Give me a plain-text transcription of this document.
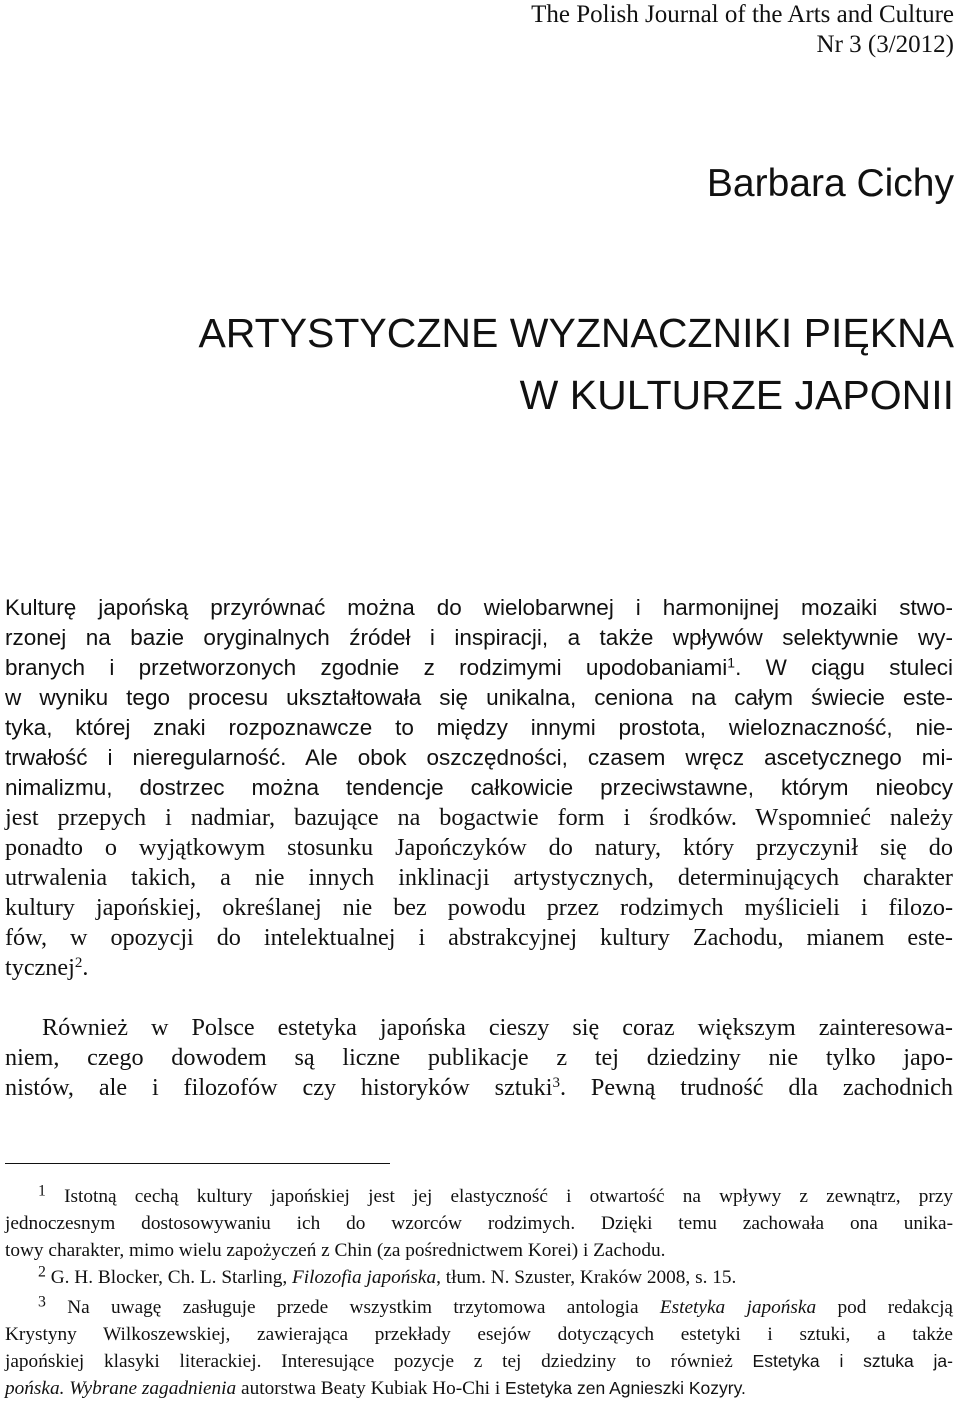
The Polish Journal of the Arts and Culture
Nr 3 (3/2012)
Barbara Cichy
ARTYSTYCZNE WYZNACZNIKI PIĘKNA
W KULTURZE JAPONII
Kulturę japońską przyrównać można do wielobarwnej i harmonijnej mozaiki stwo-
rzonej na bazie oryginalnych źródeł i inspiracji, a także wpływów selektywnie wy-
branych i przetworzonych zgodnie z rodzimymi upodobaniami$^1$. W ciągu stuleci
w wyniku tego procesu ukształtowała się unikalna, ceniona na całym świecie este-
tyka, której znaki rozpoznawcze to między innymi prostota, wieloznaczność, nie-
trwałość i nieregularność. Ale obok oszczędności, czasem wręcz ascetycznego mi-
nimalizmu, dostrzec można tendencje całkowicie przeciwstawne, którym nieobcy
jest przepych i nadmiar, bazujące na bogactwie form i środków. Wspomnieć należy
ponadto o wyjątkowym stosunku Japończyków do natury, który przyczynił się do
utrwalenia takich, a nie innych inklinacji artystycznych, determinujących charakter
kultury japońskiej, określanej nie bez powodu przez rodzimych myślicieli i filozo-
fów, w opozycji do intelektualnej i abstrakcyjnej kultury Zachodu, mianem este-
tycznej$^2$.
Również w Polsce estetyka japońska cieszy się coraz większym zainteresowa-
niem, czego dowodem są liczne publikacje z tej dziedziny nie tylko japo-
nistów, ale i filozofów czy historyków sztuki$^3$. Pewną trudność dla zachodnich
$^1$ Istotną cechą kultury japońskiej jest jej elastyczność i otwartość na wpływy z zewnątrz, przy
jednoczesnym dostosowywaniu ich do wzorców rodzimych. Dzięki temu zachowała ona unika-
towy charakter, mimo wielu zapożyczeń z Chin (za pośrednictwem Korei) i Zachodu.
$^2$ G. H. Blocker, Ch. L. Starling, Filozofia japońska, tłum. N. Szuster, Kraków 2008, s. 15.
$^3$ Na uwagę zasługuje przede wszystkim trzytomowa antologia Estetyka japońska pod redakcją
Krystyny Wilkoszewskiej, zawierająca przekłady esejów dotyczących estetyki i sztuki, a także
japońskiej klasyki literackiej. Interesujące pozycje z tej dziedziny to również Estetyka i sztuka ja-
pońska. Wybrane zagadnienia autorstwa Beaty Kubiak Ho-Chi i Estetyka zen Agnieszki Kozyry.
